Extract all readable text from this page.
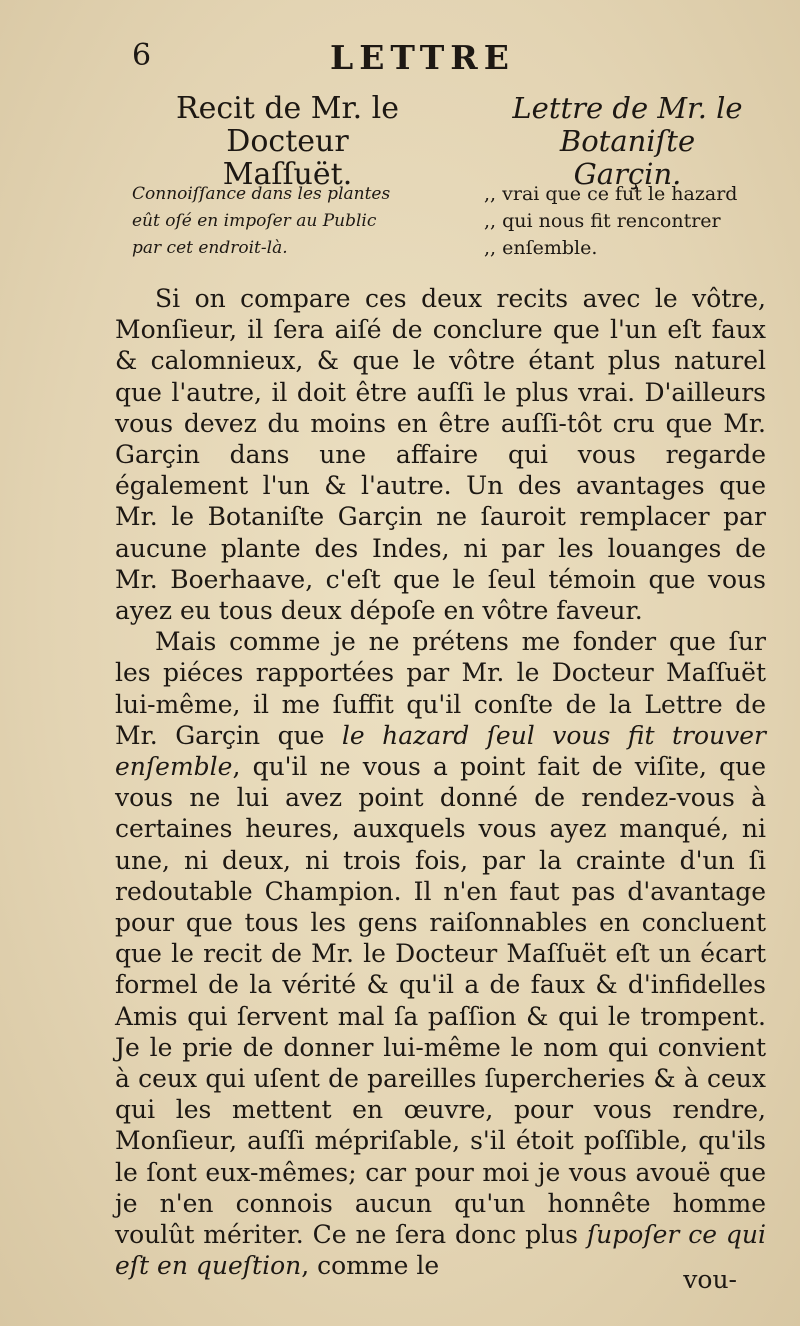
6	LETTRE
Recit de Mr. le Docteur
Maſſuët.
Lettre de Mr. le Botaniſte
Garçin.
Connoiſſance dans les plantes
eût oſé en impoſer au Public
par cet endroit-là.
,, vrai que ce fut le hazard
,, qui nous fit rencontrer
,, enſemble.

Si on compare ces deux recits avec le vôtre, Monſieur, il ſera aiſé de conclure que l'un eſt faux & calomnieux, & que le vôtre étant plus naturel que l'autre, il doit être auſſi le plus vrai. D'ailleurs vous devez du moins en être auſſi-tôt cru que Mr. Garçin dans une affaire qui vous regarde également l'un & l'autre. Un des avantages que Mr. le Botaniſte Garçin ne ſauroit remplacer par aucune plante des Indes, ni par les louanges de Mr. Boerhaave, c'eſt que le ſeul témoin que vous ayez eu tous deux dépoſe en vôtre faveur.

Mais comme je ne prétens me fonder que ſur les piéces rapportées par Mr. le Docteur Maſſuët lui-même, il me ſuffit qu'il conſte de la Lettre de Mr. Garçin que le hazard ſeul vous fit trouver enſemble, qu'il ne vous a point fait de viſite, que vous ne lui avez point donné de rendez-vous à certaines heures, auxquels vous ayez manqué, ni une, ni deux, ni trois fois, par la crainte d'un ſi redoutable Champion. Il n'en faut pas d'avantage pour que tous les gens raiſonnables en concluent que le recit de Mr. le Docteur Maſſuët eſt un écart formel de la vérité & qu'il a de faux & d'infidelles Amis qui ſervent mal ſa paſſion & qui le trompent. Je le prie de donner lui-même le nom qui convient à ceux qui uſent de pareilles ſupercheries & à ceux qui les mettent en œuvre, pour vous rendre, Monſieur, auſſi mépriſable, s'il étoit poſſible, qu'ils le ſont eux-mêmes; car pour moi je vous avouë que je n'en connois aucun qu'un honnête homme voulût mériter. Ce ne ſera donc plus ſupoſer ce qui eſt en queſtion, comme le	vou-
